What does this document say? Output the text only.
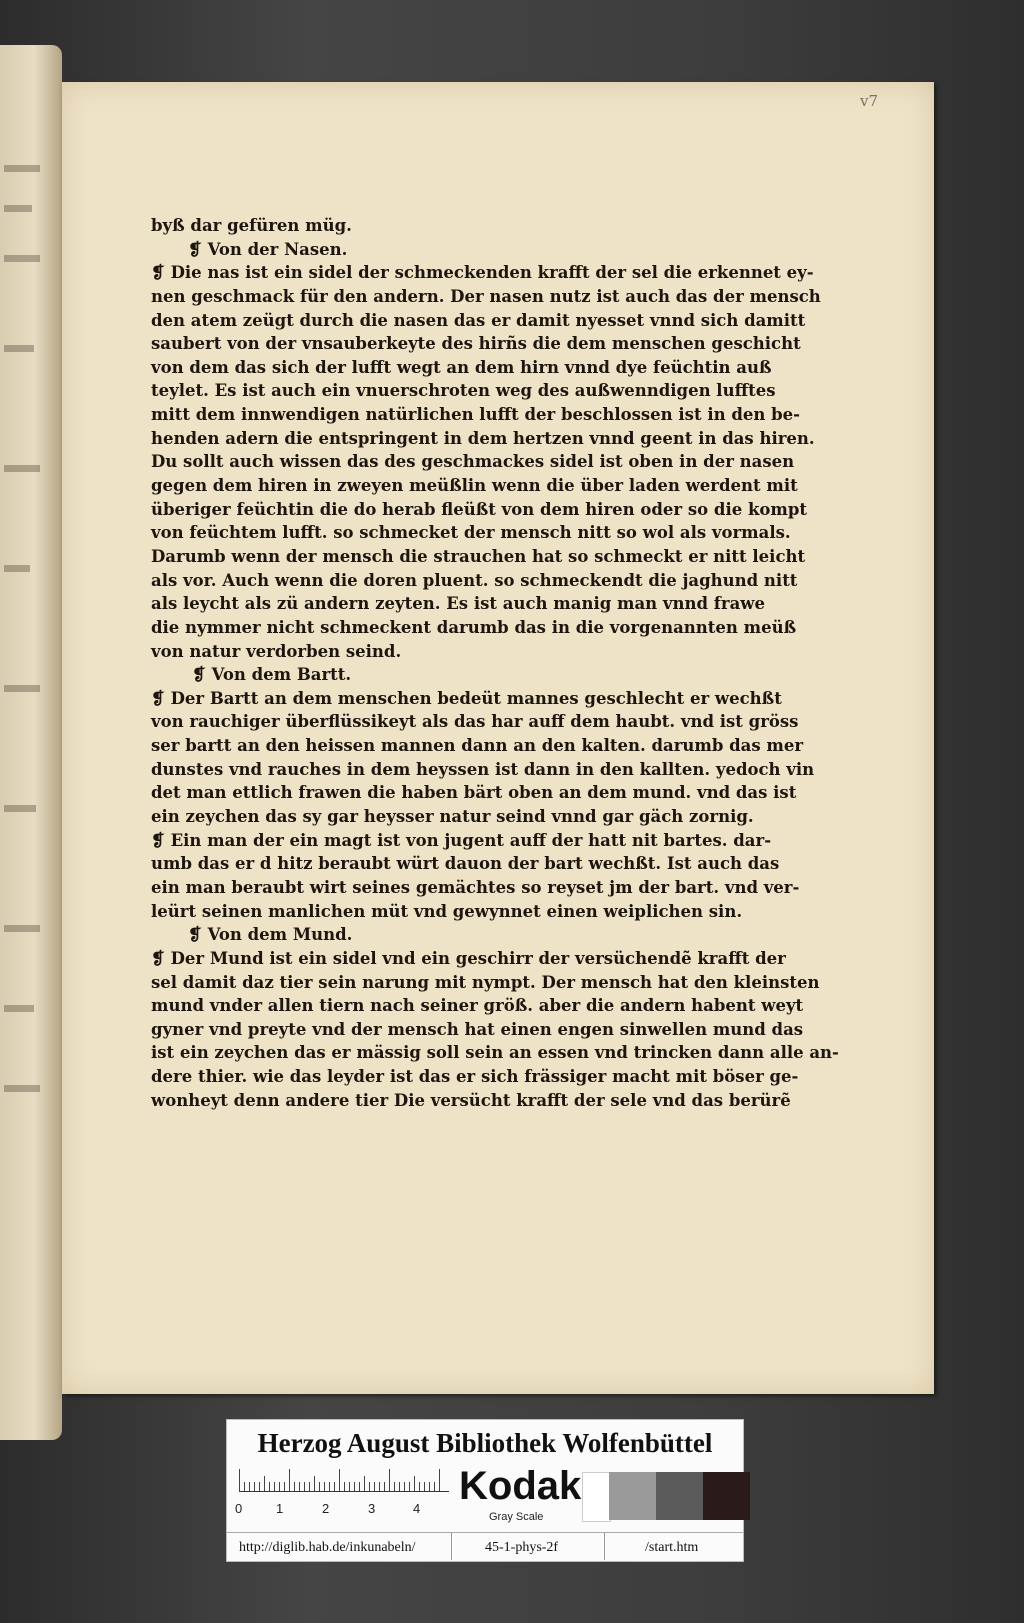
v7
byß dar gefüren müg.
❡ Von der Nasen.
❡ Die nas ist ein sidel der schmeckenden krafft der sel die erkennet ey-
nen geschmack für den andern. Der nasen nutz ist auch das der mensch
den atem zeügt durch die nasen das er damit nyesset vnnd sich damitt
saubert von der vnsauberkeyte des hirñs die dem menschen geschicht
von dem das sich der lufft wegt an dem hirn vnnd dye feüchtin auß
teylet. Es ist auch ein vnuerschroten weg des außwenndigen lufftes
mitt dem innwendigen natürlichen lufft der beschlossen ist in den be-
henden adern die entspringent in dem hertzen vnnd geent in das hiren.
Du sollt auch wissen das des geschmackes sidel ist oben in der nasen
gegen dem hiren in zweyen meüßlin wenn die über laden werdent mit
überiger feüchtin die do herab fleüßt von dem hiren oder so die kompt
von feüchtem lufft. so schmecket der mensch nitt so wol als vormals.
Darumb wenn der mensch die strauchen hat so schmeckt er nitt leicht
als vor. Auch wenn die doren pluent. so schmeckendt die jaghund nitt
als leycht als zü andern zeyten. Es ist auch manig man vnnd frawe
die nymmer nicht schmeckent darumb das in die vorgenannten meüß
von natur verdorben seind.
❡ Von dem Bartt.
❡ Der Bartt an dem menschen bedeüt mannes geschlecht er wechßt
von rauchiger überflüssikeyt als das har auff dem haubt. vnd ist gröss
ser bartt an den heissen mannen dann an den kalten. darumb das mer
dunstes vnd rauches in dem heyssen ist dann in den kallten. yedoch vin
det man ettlich frawen die haben bärt oben an dem mund. vnd das ist
ein zeychen das sy gar heysser natur seind vnnd gar gäch zornig.
❡ Ein man der ein magt ist von jugent auff der hatt nit bartes. dar-
umb das er d hitz beraubt würt dauon der bart wechßt. Ist auch das
ein man beraubt wirt seines gemächtes so reyset jm der bart. vnd ver-
leürt seinen manlichen müt vnd gewynnet einen weiplichen sin.
❡ Von dem Mund.
❡ Der Mund ist ein sidel vnd ein geschirr der versüchendẽ krafft der
sel damit daz tier sein narung mit nympt. Der mensch hat den kleinsten
mund vnder allen tiern nach seiner größ. aber die andern habent weyt
gyner vnd preyte vnd der mensch hat einen engen sinwellen mund das
ist ein zeychen das er mässig soll sein an essen vnd trincken dann alle an-
dere thier. wie das leyder ist das er sich frässiger macht mit böser ge-
wonheyt denn andere tier Die versücht krafft der sele vnd das berürẽ
Herzog August Bibliothek Wolfenbüttel
0	1	2	3	4
Kodak
Gray Scale
http://diglib.hab.de/inkunabeln/	45-1-phys-2f	/start.htm
